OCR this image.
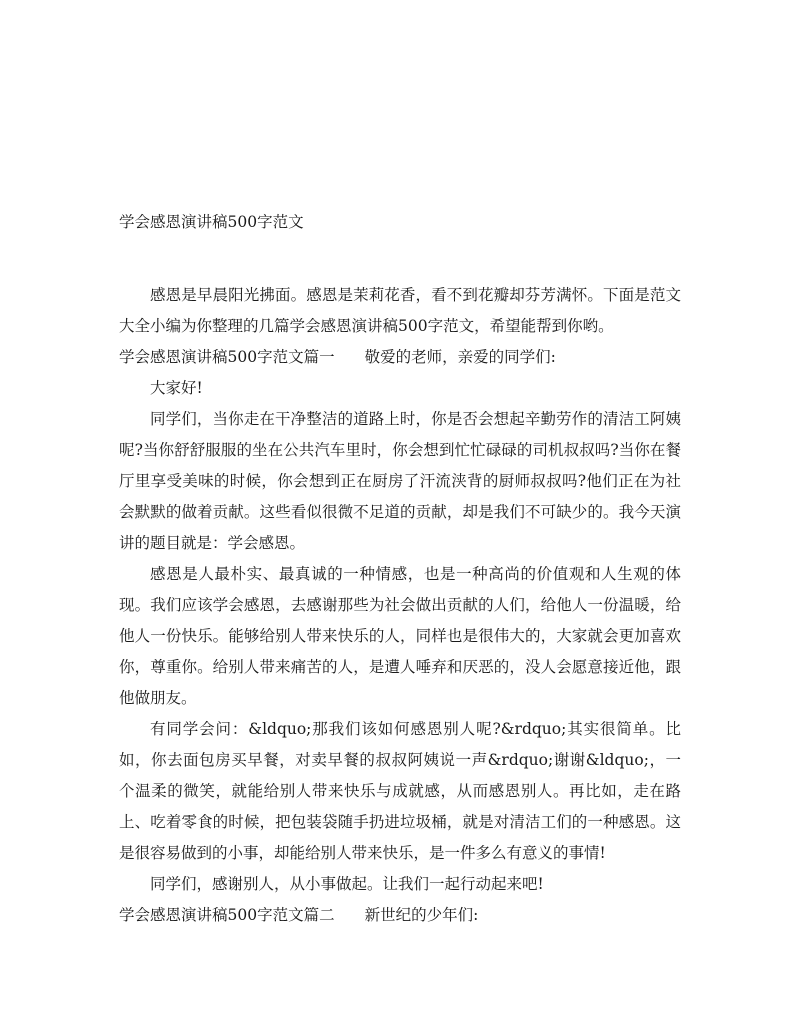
学会感恩演讲稿500字范文

感恩是早晨阳光拂面。感恩是茉莉花香，看不到花瓣却芬芳满怀。下面是范文大全小编为你整理的几篇学会感恩演讲稿500字范文，希望能帮到你哟。

学会感恩演讲稿500字范文篇一 敬爱的老师，亲爱的同学们:

大家好!

同学们，当你走在干净整洁的道路上时，你是否会想起辛勤劳作的清洁工阿姨呢?当你舒舒服服的坐在公共汽车里时，你会想到忙忙碌碌的司机叔叔吗?当你在餐厅里享受美味的时候，你会想到正在厨房了汗流浃背的厨师叔叔吗?他们正在为社会默默的做着贡献。这些看似很微不足道的贡献，却是我们不可缺少的。我今天演讲的题目就是：学会感恩。

感恩是人最朴实、最真诚的一种情感，也是一种高尚的价值观和人生观的体现。我们应该学会感恩，去感谢那些为社会做出贡献的人们，给他人一份温暖，给他人一份快乐。能够给别人带来快乐的人，同样也是很伟大的，大家就会更加喜欢你，尊重你。给别人带来痛苦的人，是遭人唾弃和厌恶的，没人会愿意接近他，跟他做朋友。

有同学会问：&ldquo;那我们该如何感恩别人呢?&rdquo;其实很简单。比如，你去面包房买早餐，对卖早餐的叔叔阿姨说一声&rdquo;谢谢&ldquo;，一个温柔的微笑，就能给别人带来快乐与成就感，从而感恩别人。再比如，走在路上、吃着零食的时候，把包装袋随手扔进垃圾桶，就是对清洁工们的一种感恩。这是很容易做到的小事，却能给别人带来快乐，是一件多么有意义的事情!

同学们，感谢别人，从小事做起。让我们一起行动起来吧!

学会感恩演讲稿500字范文篇二 新世纪的少年们:
